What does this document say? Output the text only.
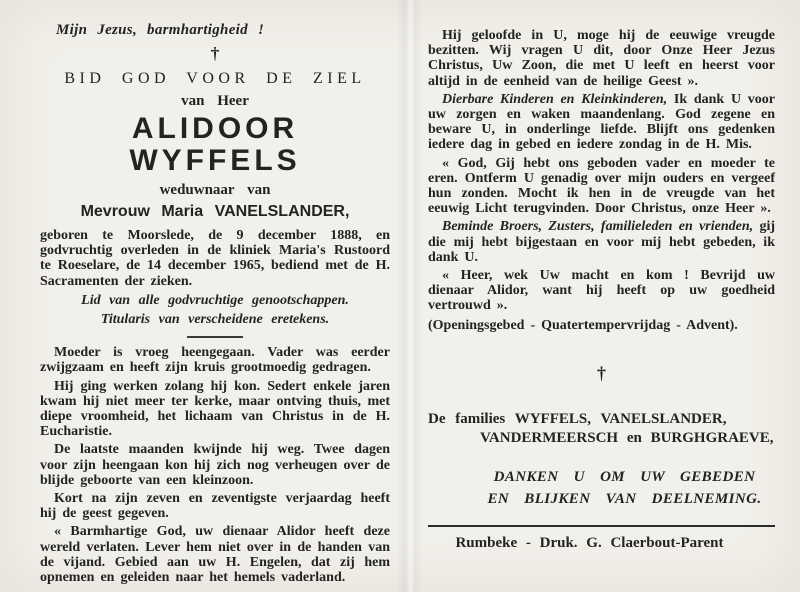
Mijn Jezus, barmhartigheid !
†
BID GOD VOOR DE ZIEL
van Heer
ALIDOOR WYFFELS
weduwnaar van
Mevrouw Maria VANELSLANDER,

geboren te Moorslede, de 9 december 1888, en godvruchtig overleden in de kliniek Maria's Rustoord te Roeselare, de 14 december 1965, bediend met de H. Sacramenten der zieken.

Lid van alle godvruchtige genootschappen.

Titularis van verscheidene eretekens.

Moeder is vroeg heengegaan. Vader was eerder zwijgzaam en heeft zijn kruis grootmoedig gedragen.

Hij ging werken zolang hij kon. Sedert enkele jaren kwam hij niet meer ter kerke, maar ontving thuis, met diepe vroomheid, het lichaam van Christus in de H. Eucharistie.

De laatste maanden kwijnde hij weg. Twee dagen voor zijn heengaan kon hij zich nog verheugen over de blijde geboorte van een kleinzoon.

Kort na zijn zeven en zeventigste verjaardag heeft hij de geest gegeven.

« Barmhartige God, uw dienaar Alidor heeft deze wereld verlaten. Lever hem niet over in de handen van de vijand. Gebied aan uw H. Engelen, dat zij hem opnemen en geleiden naar het hemels vaderland.

Hij geloofde in U, moge hij de eeuwige vreugde bezitten. Wij vragen U dit, door Onze Heer Jezus Christus, Uw Zoon, die met U leeft en heerst voor altijd in de eenheid van de heilige Geest ».

Dierbare Kinderen en Kleinkinderen, Ik dank U voor uw zorgen en waken maandenlang. God zegene en beware U, in onderlinge liefde. Blijft ons gedenken iedere dag in gebed en iedere zondag in de H. Mis.

« God, Gij hebt ons geboden vader en moeder te eren. Ontferm U genadig over mijn ouders en vergeef hun zonden. Mocht ik hen in de vreugde van het eeuwig Licht terugvinden. Door Christus, onze Heer ».

Beminde Broers, Zusters, familieleden en vrienden, gij die mij hebt bijgestaan en voor mij hebt gebeden, ik dank U.

« Heer, wek Uw macht en kom ! Bevrijd uw dienaar Alidor, want hij heeft op uw goedheid vertrouwd ».

(Openingsgebed - Quatertempervrijdag - Advent).

†
De families WYFFELS, VANELSLANDER,
VANDERMEERSCH en BURGHGRAEVE,
DANKEN U OM UW GEBEDEN
EN BLIJKEN VAN DEELNEMING.
Rumbeke - Druk. G. Claerbout-Parent
